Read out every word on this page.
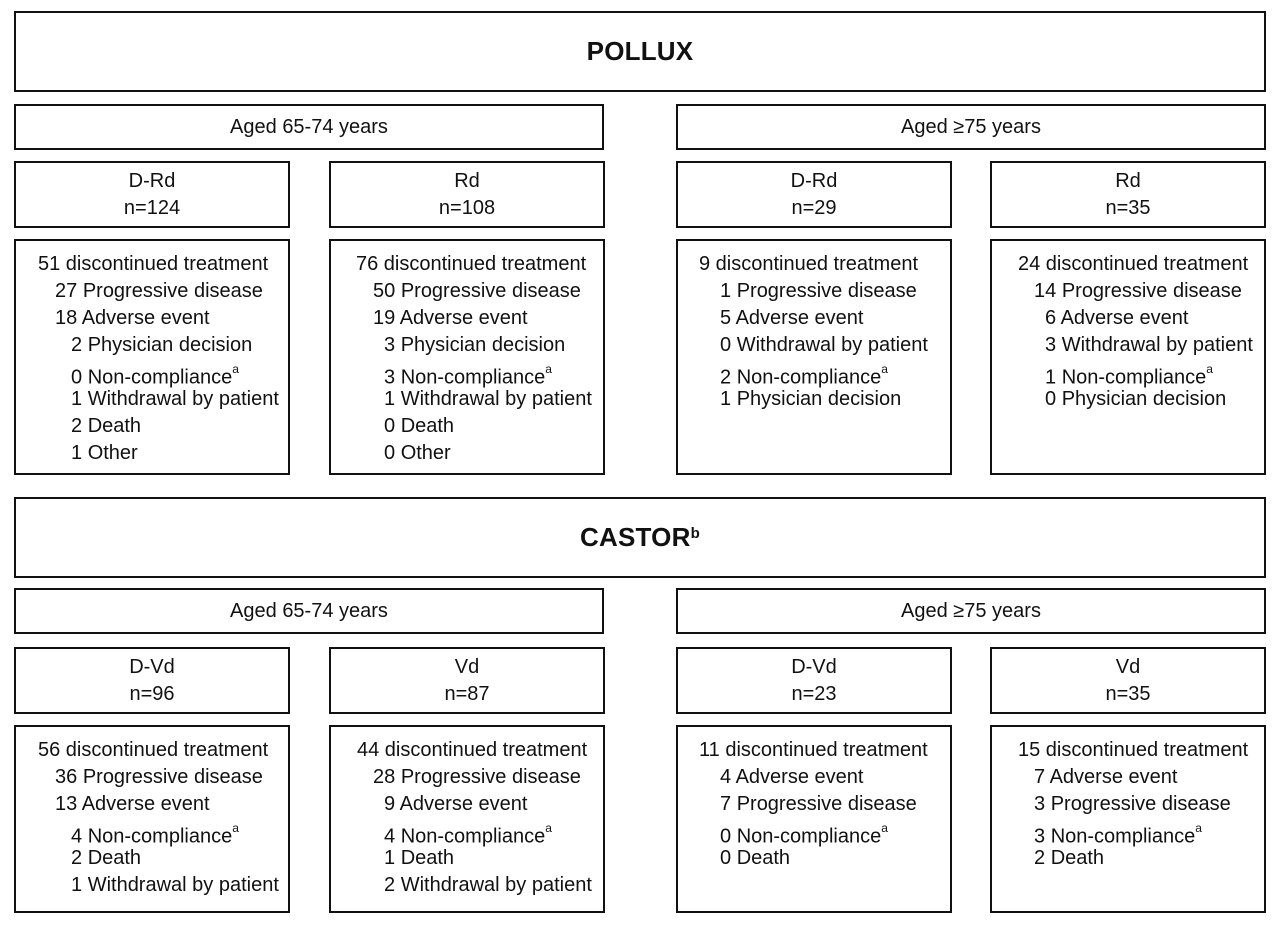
POLLUX
Aged 65-74 years	Aged ≥75 years
D-Rd
n=124
Rd
n=108
D-Rd
n=29
Rd
n=35
51 discontinued treatment
27 Progressive disease
18 Adverse event
2 Physician decision
0 Non-compliance$^a$
1 Withdrawal by patient
2 Death
1 Other
76 discontinued treatment
50 Progressive disease
19 Adverse event
3 Physician decision
3 Non-compliance$^a$
1 Withdrawal by patient
0 Death
0 Other
9 discontinued treatment
1 Progressive disease
5 Adverse event
0 Withdrawal by patient
2 Non-compliance$^a$
1 Physician decision
24 discontinued treatment
14 Progressive disease
6 Adverse event
3 Withdrawal by patient
1 Non-compliance$^a$
0 Physician decision
CASTOR$^b$
Aged 65-74 years	Aged ≥75 years
D-Vd
n=96
Vd
n=87
D-Vd
n=23
Vd
n=35
56 discontinued treatment
36 Progressive disease
13 Adverse event
4 Non-compliance$^a$
2 Death
1 Withdrawal by patient
44 discontinued treatment
28 Progressive disease
9 Adverse event
4 Non-compliance$^a$
1 Death
2 Withdrawal by patient
11 discontinued treatment
4 Adverse event
7 Progressive disease
0 Non-compliance$^a$
0 Death
15 discontinued treatment
7 Adverse event
3 Progressive disease
3 Non-compliance$^a$
2 Death
